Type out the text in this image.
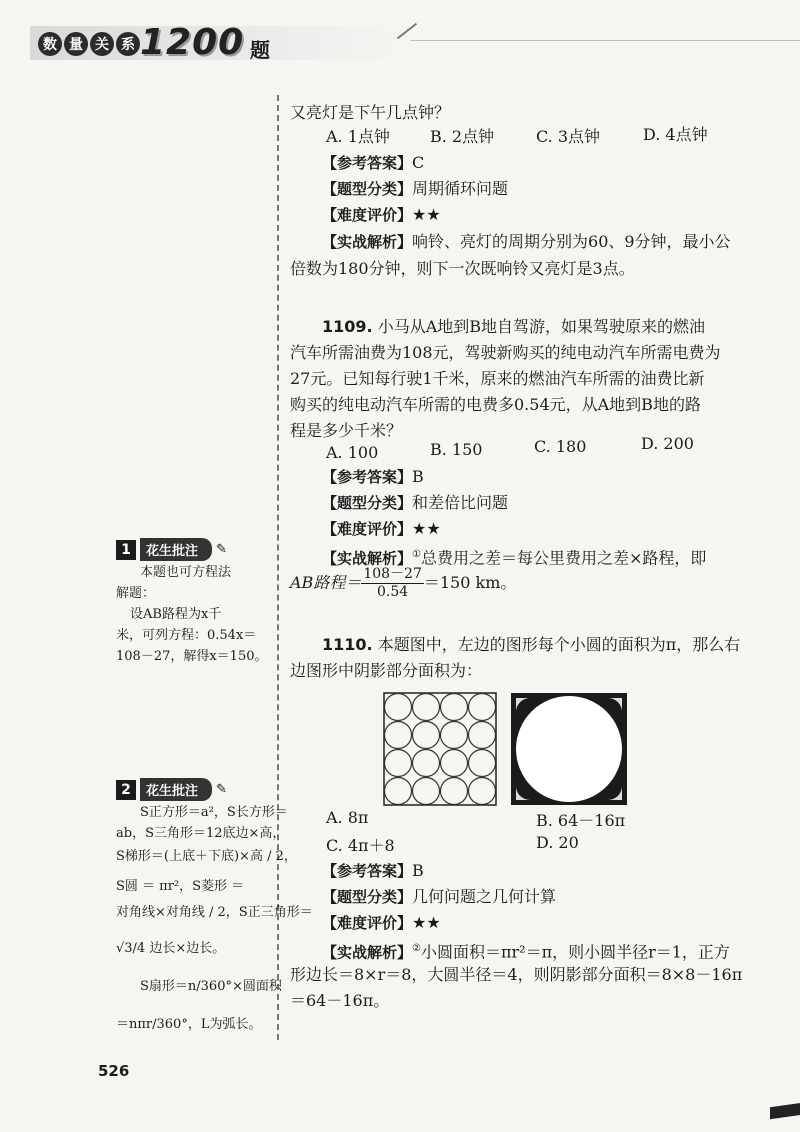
数 量 关 系 1200 题
又亮灯是下午几点钟？
A. 1点钟	B. 2点钟	C. 3点钟	D. 4点钟
【参考答案】C
【题型分类】周期循环问题
【难度评价】★★
【实战解析】响铃、亮灯的周期分别为60、9分钟，最小公
倍数为180分钟，则下一次既响铃又亮灯是3点。
1109. 小马从A地到B地自驾游，如果驾驶原来的燃油
汽车所需油费为108元，驾驶新购买的纯电动汽车所需电费为
27元。已知每行驶1千米，原来的燃油汽车所需的油费比新
购买的纯电动汽车所需的电费多0.54元，从A地到B地的路
程是多少千米？
A. 100	B. 150	C. 180	D. 200
【参考答案】B
【题型分类】和差倍比问题
【难度评价】★★
【实战解析】①总费用之差＝每公里费用之差×路程，即
AB路程＝ $\frac{108-27}{0.54} =150$ km。
1110. 本题图中，左边的图形每个小圆的面积为π，那么右
边图形中阴影部分面积为：
A. 8π	B. 64－16π
C. 4π＋8	D. 20
【参考答案】B
【题型分类】几何问题之几何计算
【难度评价】★★
【实战解析】②小圆面积＝πr²＝π，则小圆半径r＝1，正方
形边长＝8×r＝8，大圆半径＝4，则阴影部分面积＝8×8－16π
＝64－16π。
1	花生批注	✎
本题也可方程法
解题：
设AB路程为x千
米，可列方程：0.54x＝
108－27，解得x＝150。
2	花生批注	✎
S正方形＝a²，S长方形＝
ab，S三角形＝12底边×高，
S梯形＝(上底＋下底)×高 / 2，
S圆 ＝ πr²，S菱形 ＝
对角线×对角线 / 2，S正三角形＝
√3/4 边长×边长。
S扇形＝n/360°×圆面积
＝nπr/360°，L为弧长。
526
